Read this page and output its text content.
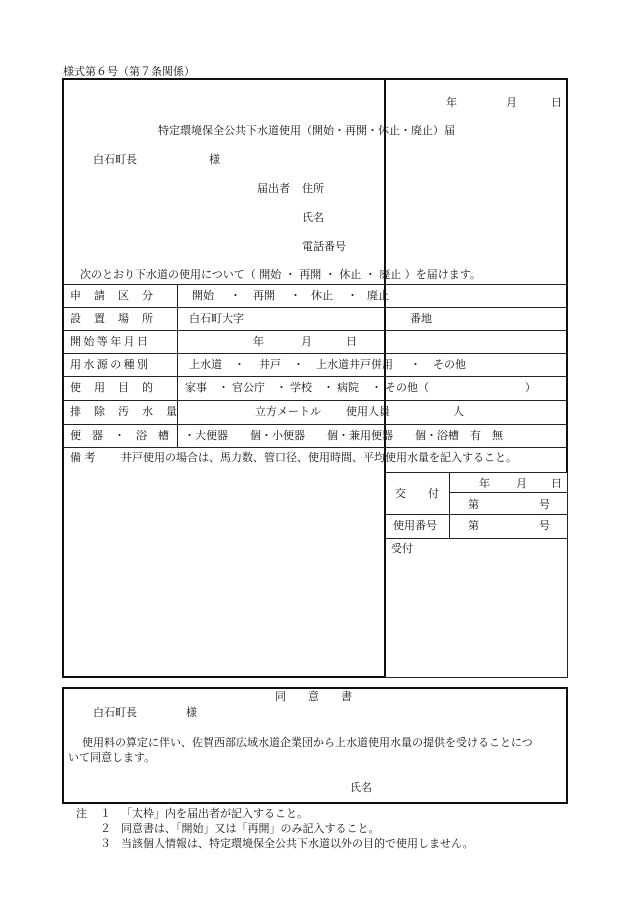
様式第６号（第７条関係）
年	月	日
特定環境保全公共下水道使用（開始・再開・休止・廃止）届
白石町長	様
届出者 住所
氏名
電話番号
次のとおり下水道の使用について（ 開始 ・ 再開 ・ 休止 ・ 廃止 ）を届けます。
申　請　区　分	開始 ・ 再開 ・ 休止 ・ 廃止
設　置　場　所	白石町大字	番地
開始等年月日	年	月	日
用水源の種別	上水道 ・ 井戸 ・ 上水道井戸併用 ・ その他
使　用　目　的	家事 ・ 官公庁 ・ 学校 ・ 病院 ・ その他（	）
排　除　汚　水　量	立方メートル 使用人員	人
便　器　・　浴　槽 ・大便器　　個・小便器　　個・兼用便器　　個・浴槽　有　無
備 考 井戸使用の場合は、馬力数、管口径、使用時間、平均使用水量を記入すること。
交　　付
年 月 日
第	号
使用番号	第	号
受付
同　　意　　書
白石町長	様
使用料の算定に伴い、佐賀西部広域水道企業団から上水道使用水量の提供を受けることにつ
いて同意します。
氏名
注 １ 「太枠」内を届出者が記入すること。
２ 同意書は、「開始」又は「再開」のみ記入すること。
３ 当該個人情報は、特定環境保全公共下水道以外の目的で使用しません。
